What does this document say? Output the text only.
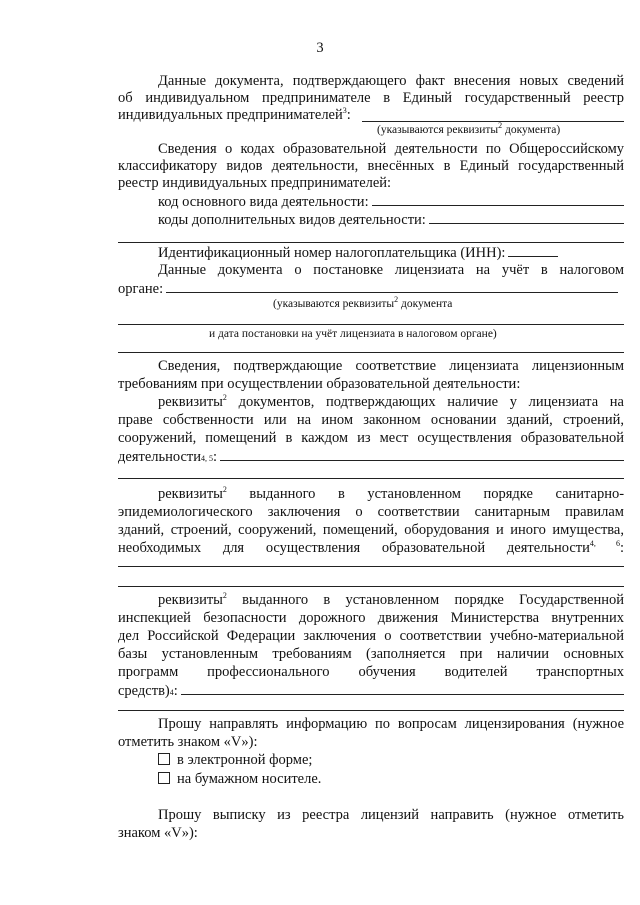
3
Данные документа, подтверждающего факт внесения новых сведений
об индивидуальном предпринимателе в Единый государственный реестр
индивидуальных предпринимателей$^3$:
(указываются реквизиты$^2$ документа)
Сведения о кодах образовательной деятельности по Общероссийскому
классификатору видов деятельности, внесённых в Единый государственный
реестр индивидуальных предпринимателей:
код основного вида деятельности:
коды дополнительных видов деятельности:
Идентификационный номер налогоплательщика (ИНН):
Данные документа о постановке лицензиата на учёт в налоговом
органе:
(указываются реквизиты$^2$ документа
и дата постановки на учёт лицензиата в налоговом органе)
Сведения, подтверждающие соответствие лицензиата лицензионным
требованиям при осуществлении образовательной деятельности:
реквизиты$^2$ документов, подтверждающих наличие у лицензиата на
праве собственности или на ином законном основании зданий, строений,
сооружений, помещений в каждом из мест осуществления образовательной
деятельности 4, 5 :
реквизиты$^2$ выданного в установленном порядке санитарно-
эпидемиологического заключения о соответствии санитарным правилам
зданий, строений, сооружений, помещений, оборудования и иного имущества,
необходимых для осуществления образовательной деятельности$^{4, 6}$:
реквизиты$^2$ выданного в установленном порядке Государственной
инспекцией безопасности дорожного движения Министерства внутренних
дел Российской Федерации заключения о соответствии учебно-материальной
базы установленным требованиям (заполняется при наличии основных
программ профессионального обучения водителей транспортных
средств) 4 :
Прошу направлять информацию по вопросам лицензирования (нужное
отметить знаком «V»):
в электронной форме;
на бумажном носителе.
Прошу выписку из реестра лицензий направить (нужное отметить
знаком «V»):
